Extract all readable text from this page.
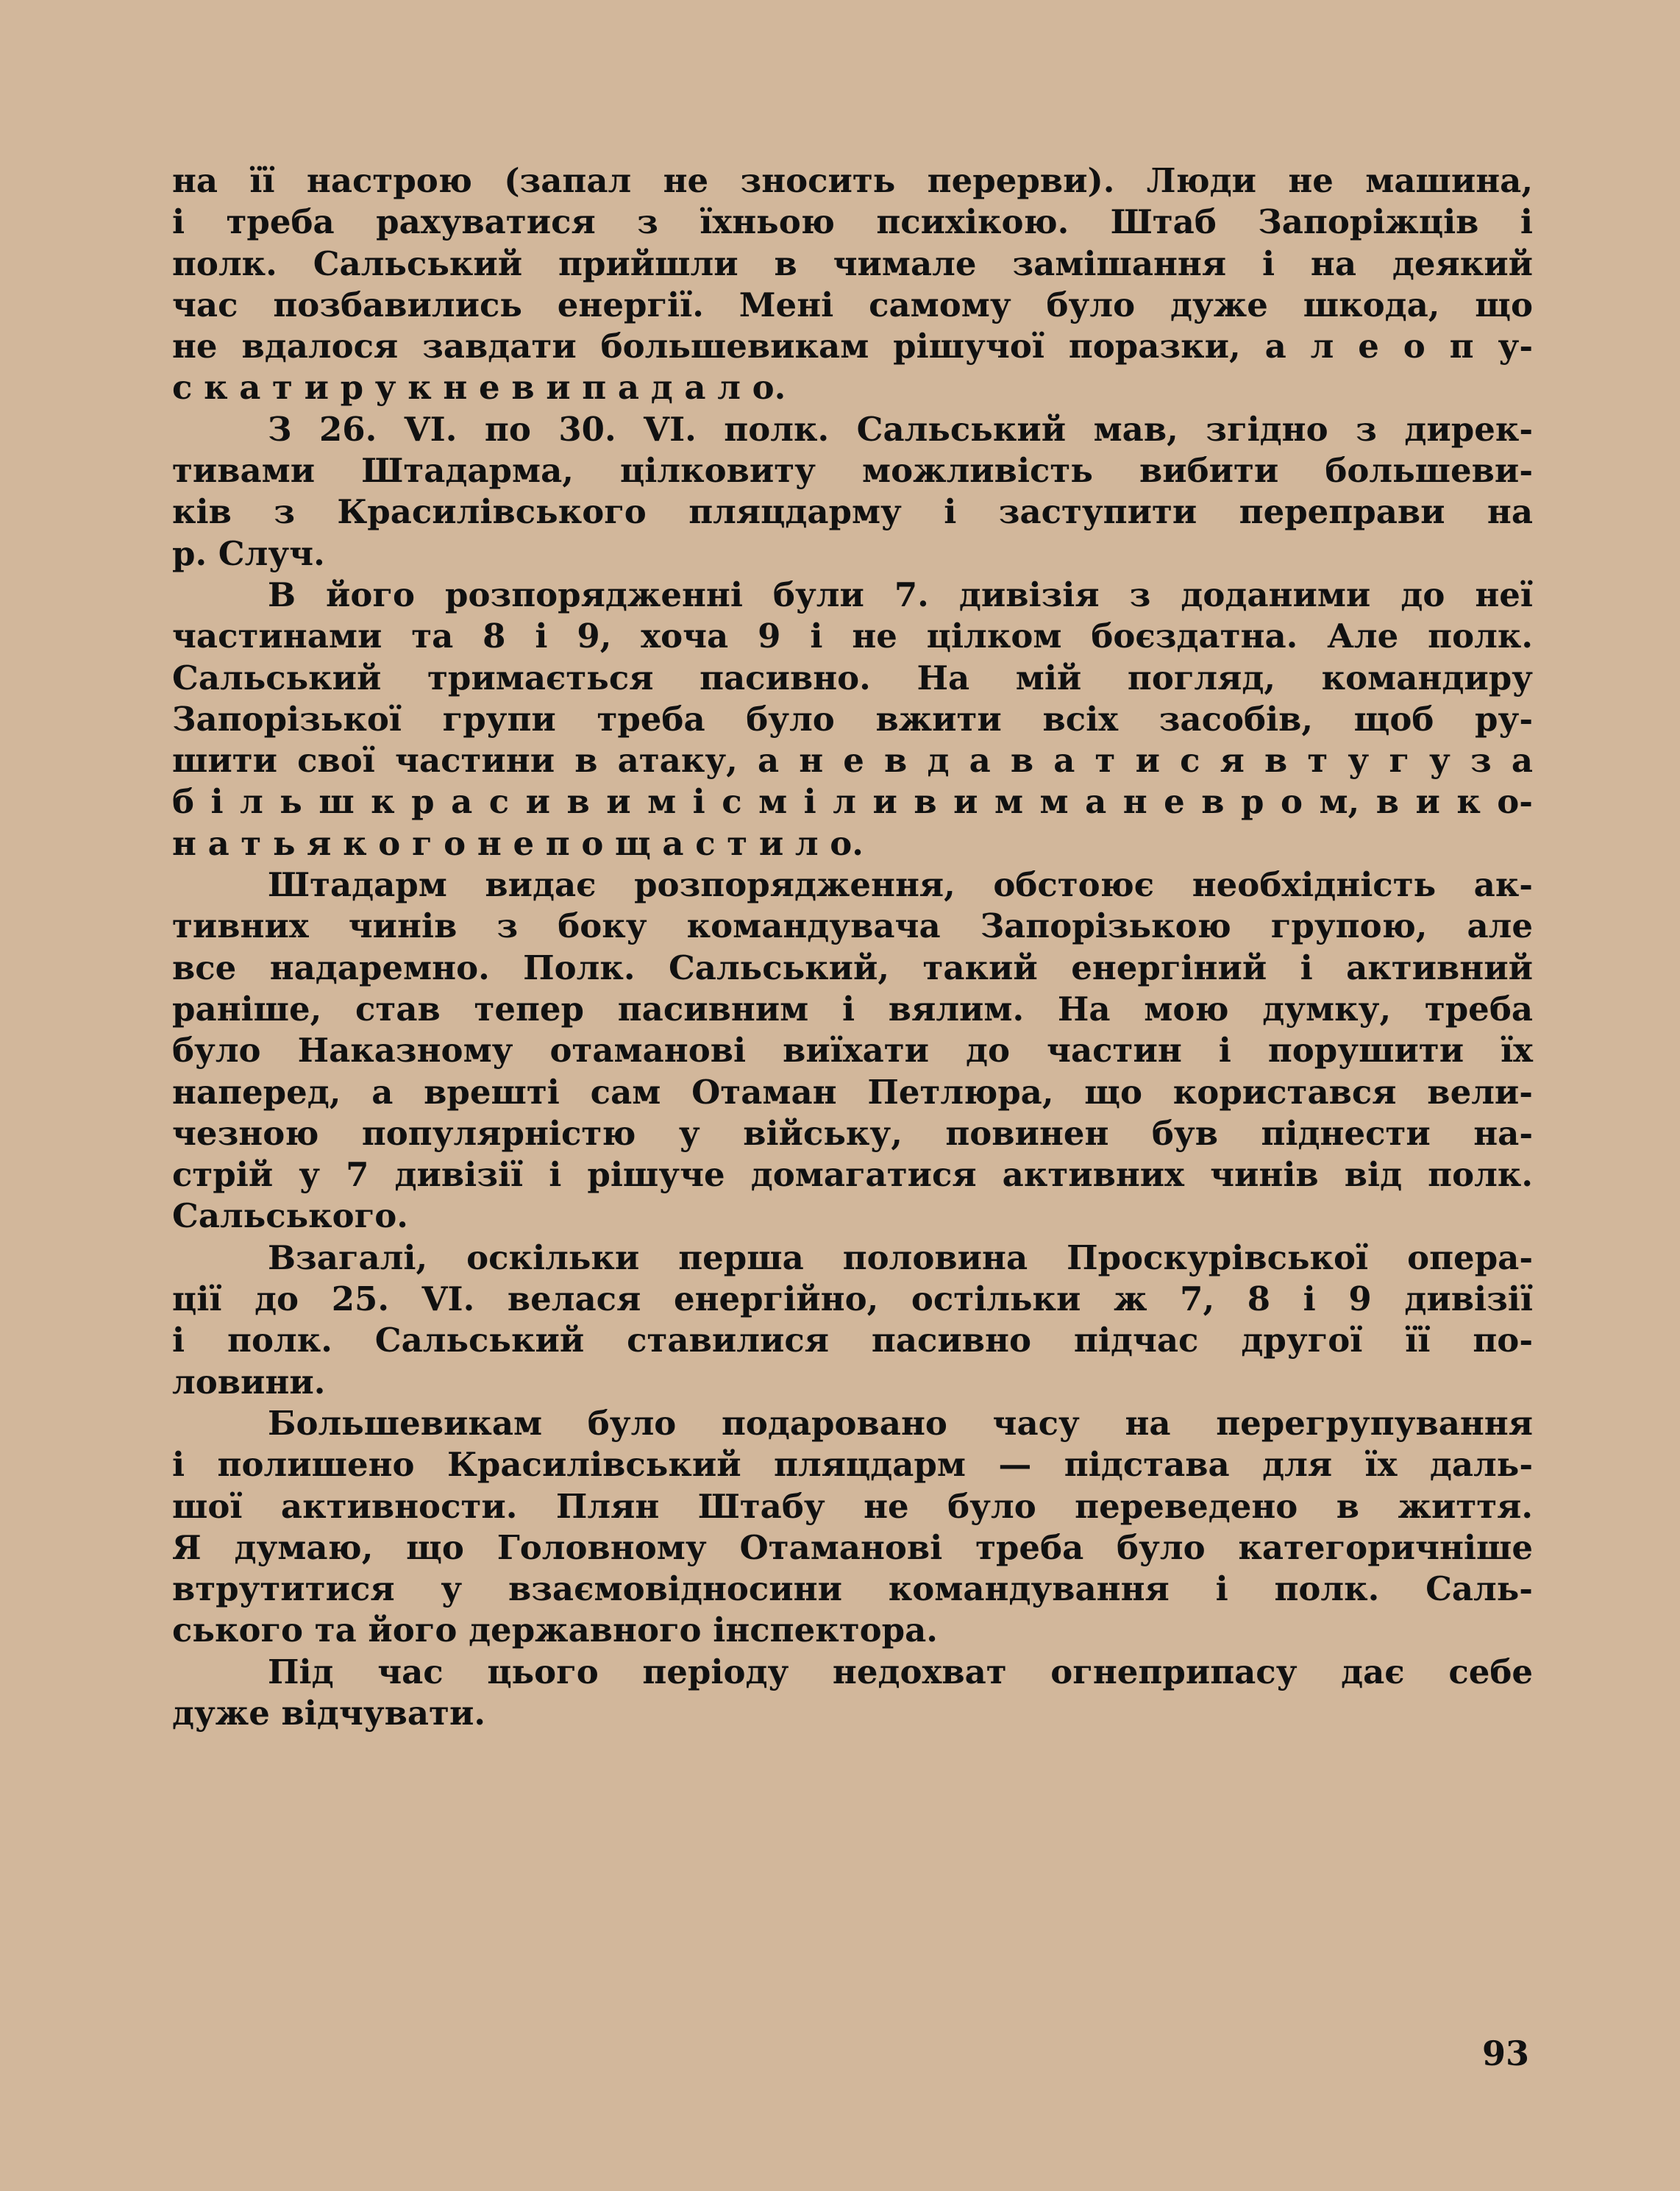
на її настрою (запал не зносить перерви). Люди не машина,
і треба рахуватися з їхньою психікою. Штаб Запоріжців і
полк. Сальський прийшли в чимале замішання і на деякий
час позбавились енергії. Мені самому було дуже шкода, що
не вдалося завдати большевикам рішучої поразки, а л е о п у-
с к а т и р у к н е в и п а д а л о.
З 26. VI. по 30. VI. полк. Сальський мав, згідно з дирек-
тивами Штадарма, цілковиту можливість вибити большеви-
ків з Красилівського пляцдарму і заступити переправи на
р. Случ.
В його розпорядженні були 7. дивізія з доданими до неї
частинами та 8 і 9, хоча 9 і не цілком боєздатна. Але полк.
Сальський тримається пасивно. На мій погляд, командиру
Запорізької групи треба було вжити всіх засобів, щоб ру-
шити свої частини в атаку, а н е в д а в а т и с я в т у г у з а
б і л ь ш к р а с и в и м і с м і л и в и м м а н е в р о м, в и к о-
н а т ь я к о г о н е п о щ а с т и л о.
Штадарм видає розпорядження, обстоює необхідність ак-
тивних чинів з боку командувача Запорізькою групою, але
все надаремно. Полк. Сальський, такий енергіний і активний
раніше, став тепер пасивним і вялим. На мою думку, треба
було Наказному отаманові виїхати до частин і порушити їх
наперед, а врешті сам Отаман Петлюра, що користався вели-
чезною популярністю у війську, повинен був піднести на-
стрій у 7 дивізії і рішуче домагатися активних чинів від полк.
Сальського.
Взагалі, оскільки перша половина Проскурівської опера-
ції до 25. VI. велася енергійно, остільки ж 7, 8 і 9 дивізії
і полк. Сальський ставилися пасивно підчас другої її по-
ловини.
Большевикам було подаровано часу на перегрупування
і полишено Красилівський пляцдарм — підстава для їх даль-
шої активности. Плян Штабу не було переведено в життя.
Я думаю, що Головному Отаманові треба було категоричніше
втрутитися у взаємовідносини командування і полк. Саль-
ського та його державного інспектора.
Під час цього періоду недохват огнеприпасу дає себе
дуже відчувати.
93
